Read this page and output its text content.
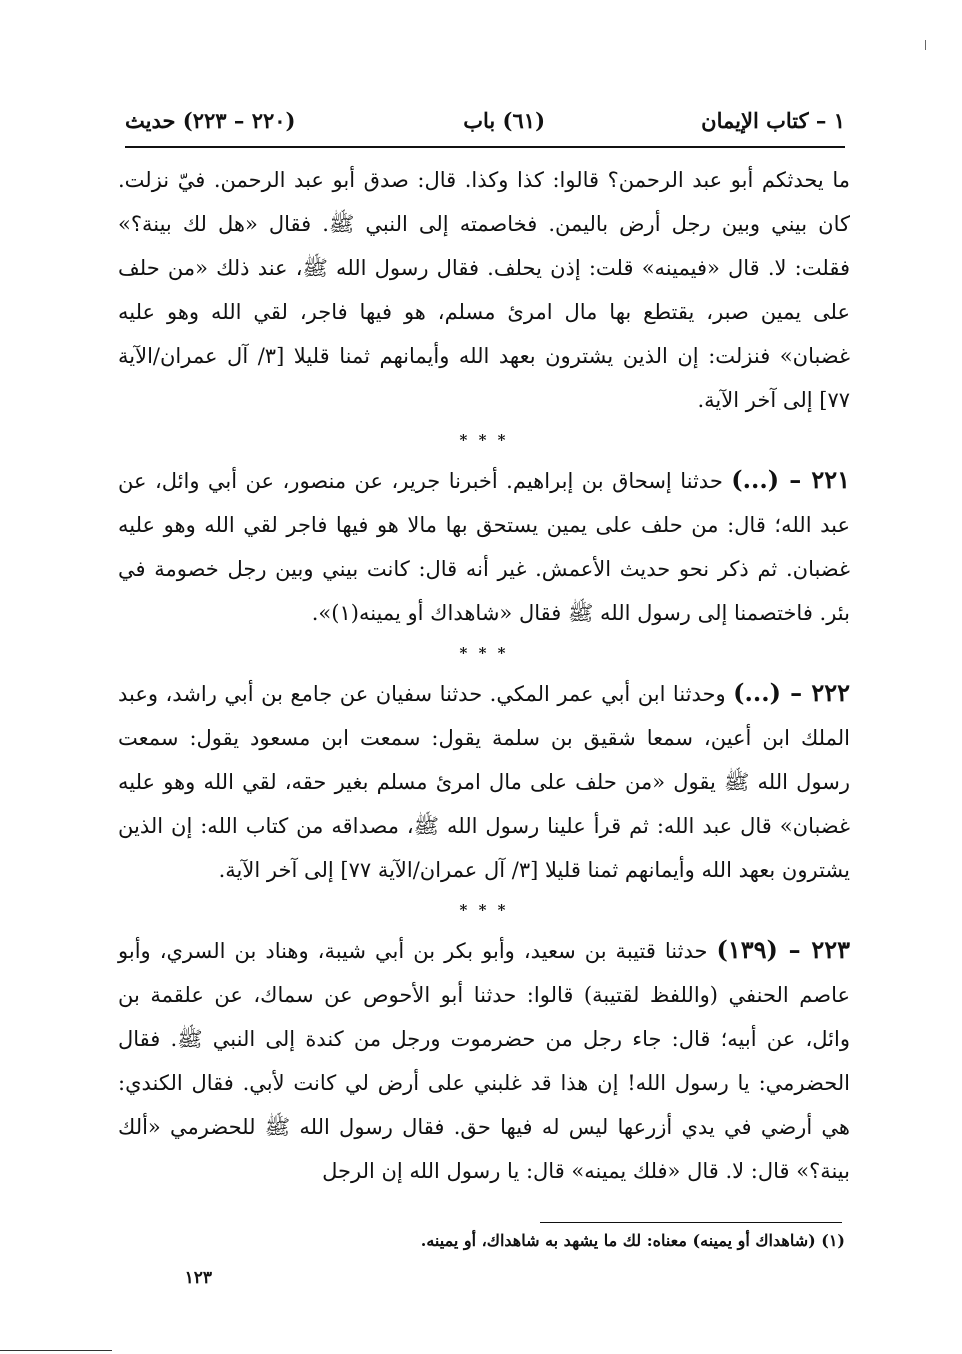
١ – كتاب الإيمان
(٦١) باب
(٢٢٠ – ٢٢٣) حديث

ما يحدثكم أبو عبد الرحمن؟ قالوا: كذا وكذا. قال: صدق أبو عبد الرحمن. فيّ نزلت. كان بيني وبين رجل أرض باليمن. فخاصمته إلى النبي ﷺ. فقال «هل لك بينة؟» فقلت: لا. قال «فيمينه» قلت: إذن يحلف. فقال رسول الله ﷺ، عند ذلك «من حلف على يمين صبر، يقتطع بها مال امرئ مسلم، هو فيها فاجر، لقي الله وهو عليه غضبان» فنزلت: إن الذين يشترون بعهد الله وأيمانهم ثمنا قليلا [٣/ آل عمران/الآية ٧٧] إلى آخر الآية.

* * *

٢٢١ – (...) حدثنا إسحاق بن إبراهيم. أخبرنا جرير، عن منصور، عن أبي وائل، عن عبد الله؛ قال: من حلف على يمين يستحق بها مالا هو فيها فاجر لقي الله وهو عليه غضبان. ثم ذكر نحو حديث الأعمش. غير أنه قال: كانت بيني وبين رجل خصومة في بئر. فاختصمنا إلى رسول الله ﷺ فقال «شاهداك أو يمينه(١)».

* * *

٢٢٢ – (...) وحدثنا ابن أبي عمر المكي. حدثنا سفيان عن جامع بن أبي راشد، وعبد الملك ابن أعين، سمعا شقيق بن سلمة يقول: سمعت ابن مسعود يقول: سمعت رسول الله ﷺ يقول «من حلف على مال امرئ مسلم بغير حقه، لقي الله وهو عليه غضبان» قال عبد الله: ثم قرأ علينا رسول الله ﷺ، مصداقه من كتاب الله: إن الذين يشترون بعهد الله وأيمانهم ثمنا قليلا [٣/ آل عمران/الآية ٧٧] إلى آخر الآية.

* * *

٢٢٣ – (١٣٩) حدثنا قتيبة بن سعيد، وأبو بكر بن أبي شيبة، وهناد بن السري، وأبو عاصم الحنفي (واللفظ لقتيبة) قالوا: حدثنا أبو الأحوص عن سماك، عن علقمة بن وائل، عن أبيه؛ قال: جاء رجل من حضرموت ورجل من كندة إلى النبي ﷺ. فقال الحضرمي: يا رسول الله! إن هذا قد غلبني على أرض لي كانت لأبي. فقال الكندي: هي أرضي في يدي أزرعها ليس له فيها حق. فقال رسول الله ﷺ للحضرمي «ألك بينة؟» قال: لا. قال «فلك يمينه» قال: يا رسول الله إن الرجل

(١) (شاهداك أو يمينه) معناه: لك ما يشهد به شاهداك، أو يمينه.
١٢٣
